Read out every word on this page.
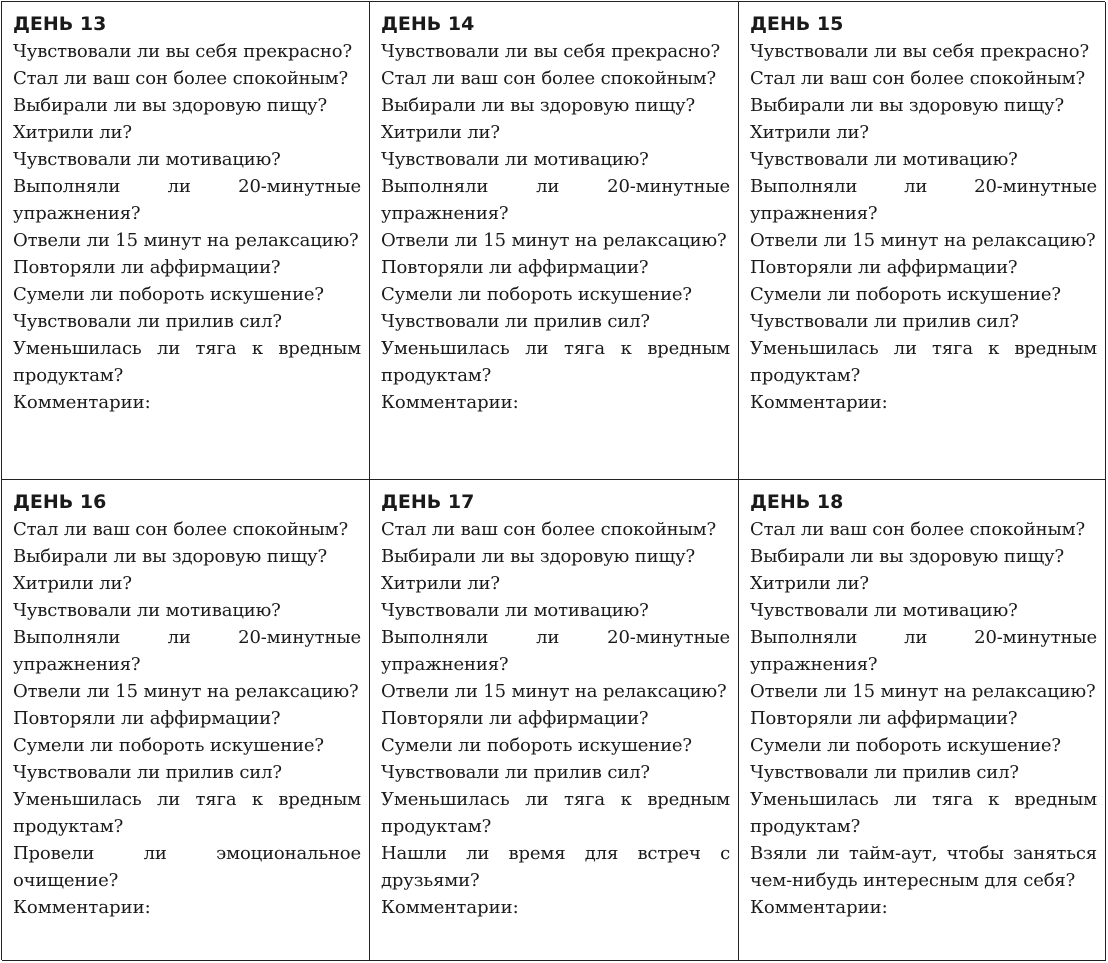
ДЕНЬ 13
Чувствовали ли вы себя прекрасно?
Стал ли ваш сон более спокойным?
Выбирали ли вы здоровую пищу?
Хитрили ли?
Чувствовали ли мотивацию?
Выполняли ли 20-минутные упражнения?
Отвели ли 15 минут на релаксацию?
Повторяли ли аффирмации?
Сумели ли побороть искушение?
Чувствовали ли прилив сил?
Уменьшилась ли тяга к вредным продуктам?
Комментарии:
ДЕНЬ 14
Чувствовали ли вы себя прекрасно?
Стал ли ваш сон более спокойным?
Выбирали ли вы здоровую пищу?
Хитрили ли?
Чувствовали ли мотивацию?
Выполняли ли 20-минутные упражнения?
Отвели ли 15 минут на релаксацию?
Повторяли ли аффирмации?
Сумели ли побороть искушение?
Чувствовали ли прилив сил?
Уменьшилась ли тяга к вредным продуктам?
Комментарии:
ДЕНЬ 15
Чувствовали ли вы себя прекрасно?
Стал ли ваш сон более спокойным?
Выбирали ли вы здоровую пищу?
Хитрили ли?
Чувствовали ли мотивацию?
Выполняли ли 20-минутные упражнения?
Отвели ли 15 минут на релаксацию?
Повторяли ли аффирмации?
Сумели ли побороть искушение?
Чувствовали ли прилив сил?
Уменьшилась ли тяга к вредным продуктам?
Комментарии:
ДЕНЬ 16
Стал ли ваш сон более спокойным?
Выбирали ли вы здоровую пищу?
Хитрили ли?
Чувствовали ли мотивацию?
Выполняли ли 20-минутные упражнения?
Отвели ли 15 минут на релаксацию?
Повторяли ли аффирмации?
Сумели ли побороть искушение?
Чувствовали ли прилив сил?
Уменьшилась ли тяга к вредным продуктам?
Провели ли эмоциональное очищение?
Комментарии:
ДЕНЬ 17
Стал ли ваш сон более спокойным?
Выбирали ли вы здоровую пищу?
Хитрили ли?
Чувствовали ли мотивацию?
Выполняли ли 20-минутные упражнения?
Отвели ли 15 минут на релаксацию?
Повторяли ли аффирмации?
Сумели ли побороть искушение?
Чувствовали ли прилив сил?
Уменьшилась ли тяга к вредным продуктам?
Нашли ли время для встреч с друзьями?
Комментарии:
ДЕНЬ 18
Стал ли ваш сон более спокойным?
Выбирали ли вы здоровую пищу?
Хитрили ли?
Чувствовали ли мотивацию?
Выполняли ли 20-минутные упражнения?
Отвели ли 15 минут на релаксацию?
Повторяли ли аффирмации?
Сумели ли побороть искушение?
Чувствовали ли прилив сил?
Уменьшилась ли тяга к вредным продуктам?
Взяли ли тайм-аут, чтобы заняться чем-нибудь интересным для себя?
Комментарии:
